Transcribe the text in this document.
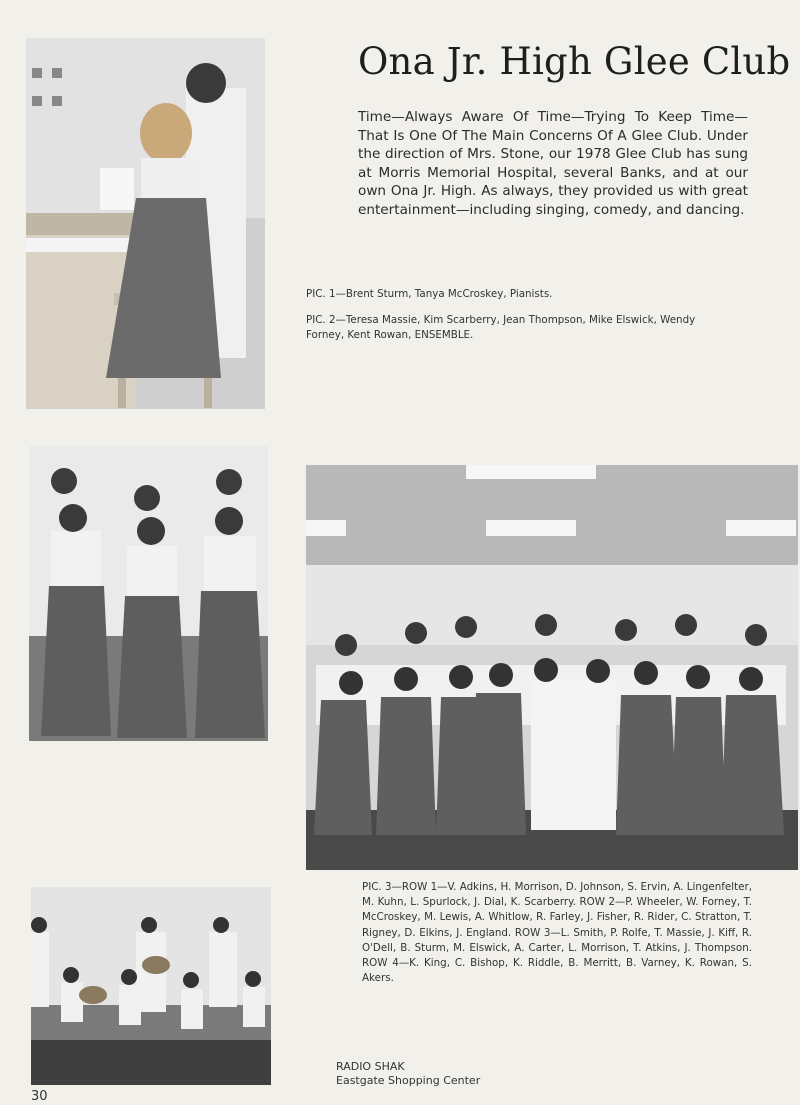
Ona Jr. High Glee Club

Time—Always Aware Of Time—Trying To Keep Time—That Is One Of The Main Concerns Of A Glee Club. Under the direction of Mrs. Stone, our 1978 Glee Club has sung at Morris Memorial Hospital, several Banks, and at our own Ona Jr. High. As always, they provided us with great entertainment—including singing, comedy, and dancing.

PIC. 1—Brent Sturm, Tanya McCroskey, Pianists.
PIC. 2—Teresa Massie, Kim Scarberry, Jean Thompson, Mike Elswick, Wendy Forney, Kent Rowan, ENSEMBLE.
PIC. 3—ROW 1—V. Adkins, H. Morrison, D. Johnson, S. Ervin, A. Lingenfelter, M. Kuhn, L. Spurlock, J. Dial, K. Scarberry. ROW 2—P. Wheeler, W. Forney, T. McCroskey, M. Lewis, A. Whitlow, R. Farley, J. Fisher, R. Rider, C. Stratton, T. Rigney, D. Elkins, J. England. ROW 3—L. Smith, P. Rolfe, T. Massie, J. Kiff, R. O'Dell, B. Sturm, M. Elswick, A. Carter, L. Morrison, T. Atkins, J. Thompson. ROW 4—K. King, C. Bishop, K. Riddle, B. Merritt, B. Varney, K. Rowan, S. Akers.
RADIO SHAK
Eastgate Shopping Center
30
